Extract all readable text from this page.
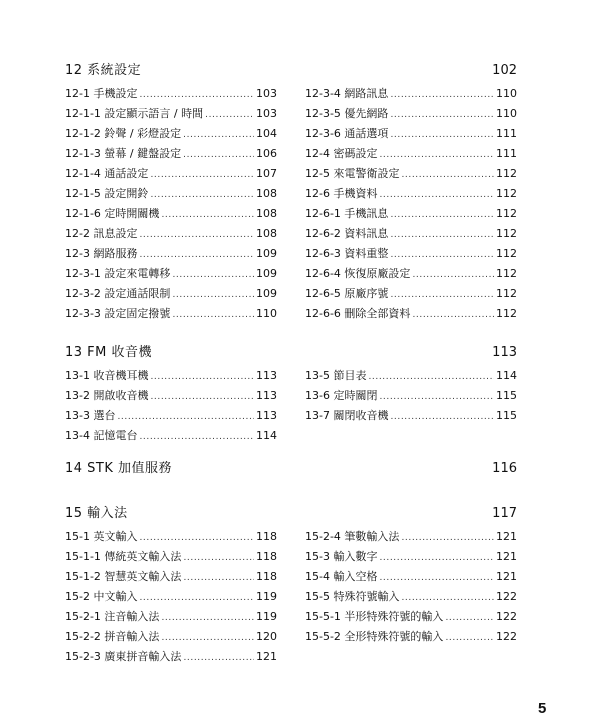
12 系統設定	102
12-1 手機設定 .....	103
12-1-1 設定顯示語言 / 時間 .....	103
12-1-2 鈴聲 / 彩燈設定 .....	104
12-1-3 螢幕 / 鍵盤設定 .....	106
12-1-4 通話設定 .....	107
12-1-5 設定開鈴 .....	108
12-1-6 定時開關機 .....	108
12-2 訊息設定 .....	108
12-3 網路服務 .....	109
12-3-1 設定來電轉移 .....	109
12-3-2 設定通話限制 .....	109
12-3-3 設定固定撥號 .....	110
12-3-4 網路訊息 .....	110
12-3-5 優先網路 .....	110
12-3-6 通話選項 .....	111
12-4 密碼設定 .....	111
12-5 來電警衛設定 .....	112
12-6 手機資料 .....	112
12-6-1 手機訊息 .....	112
12-6-2 資料訊息 .....	112
12-6-3 資料重整 .....	112
12-6-4 恢復原廠設定 .....	112
12-6-5 原廠序號 .....	112
12-6-6 刪除全部資料 .....	112
13 FM 收音機	113
13-1 收音機耳機 .....	113
13-2 開啟收音機 .....	113
13-3 選台 .....	113
13-4 記憶電台 .....	114
13-5 節目表 .....	114
13-6 定時關閉 .....	115
13-7 關閉收音機 .....	115
14 STK 加值服務	116
15 輸入法	117
15-1 英文輸入 .....	118
15-1-1 傳統英文輸入法 .....	118
15-1-2 智慧英文輸入法 .....	118
15-2 中文輸入 .....	119
15-2-1 注音輸入法 .....	119
15-2-2 拼音輸入法 .....	120
15-2-3 廣東拼音輸入法 .....	121
15-2-4 筆數輸入法 .....	121
15-3 輸入數字 .....	121
15-4 輸入空格 .....	121
15-5 特殊符號輸入 .....	122
15-5-1 半形特殊符號的輸入 .....	122
15-5-2 全形特殊符號的輸入 .....	122
5
